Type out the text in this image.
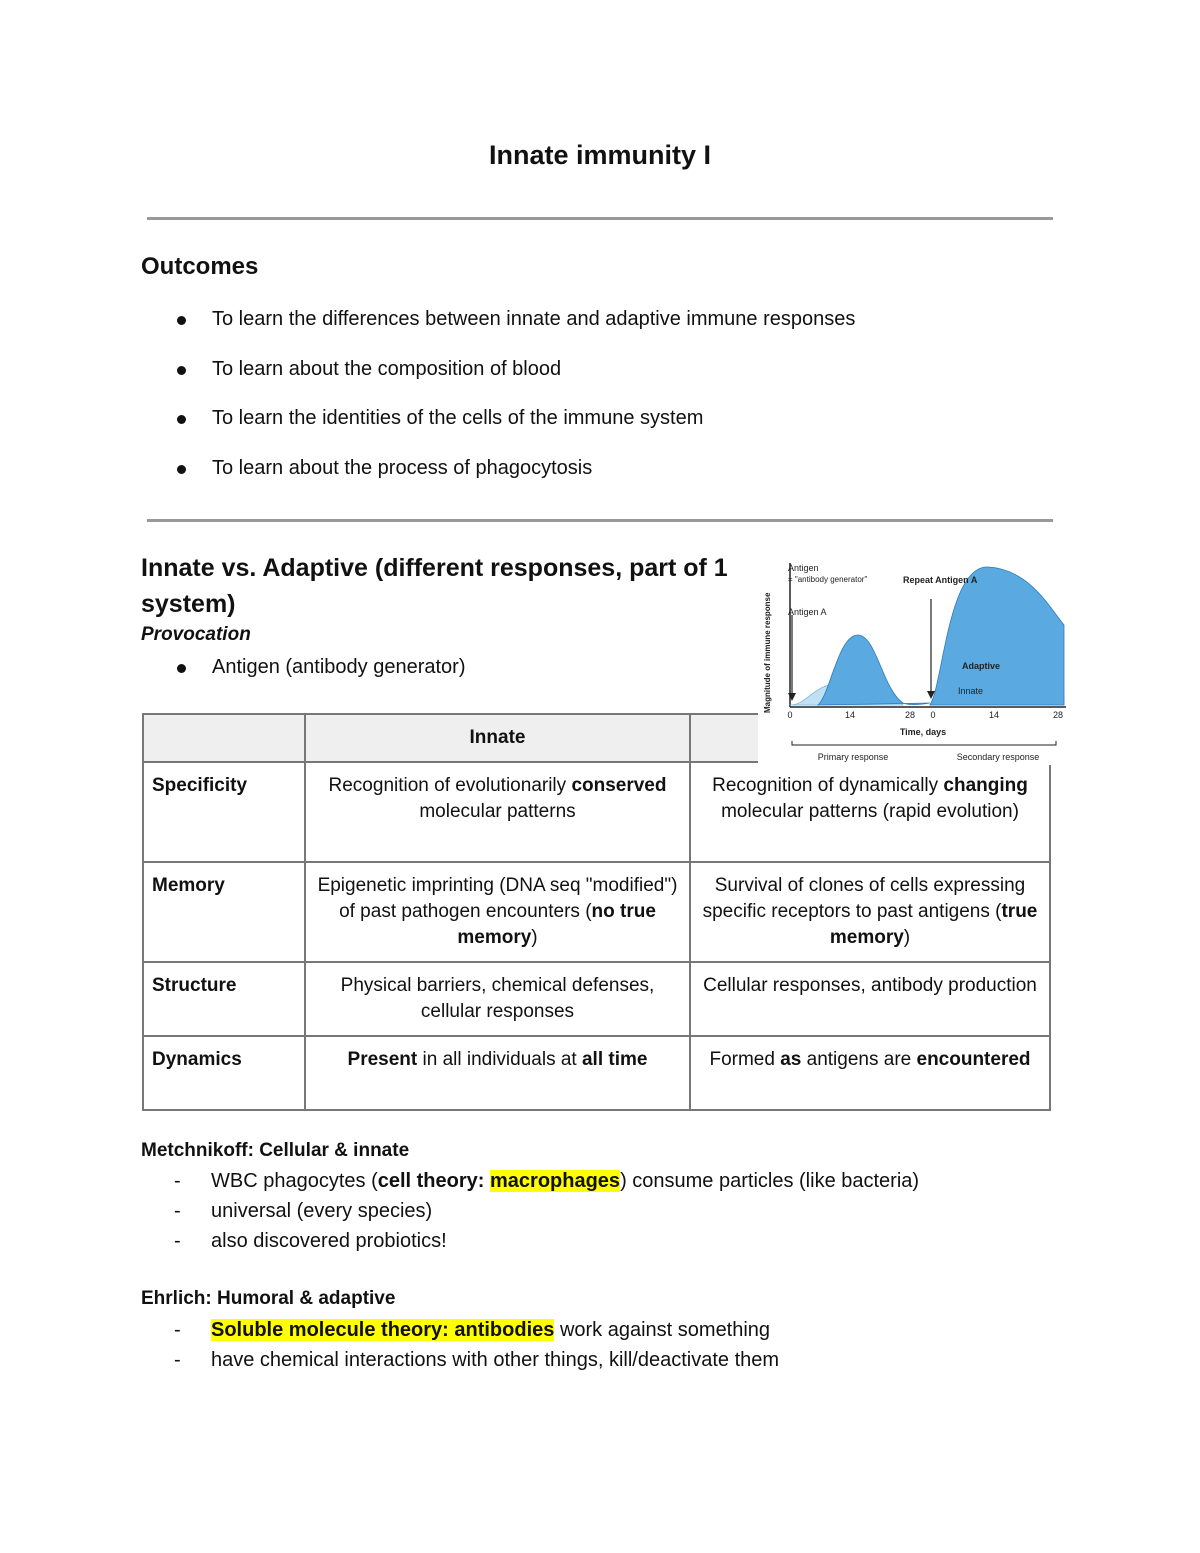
Innate immunity I
Outcomes
To learn the differences between innate and adaptive immune responses
To learn about the composition of blood
To learn the identities of the cells of the immune system
To learn about the process of phagocytosis
Innate vs. Adaptive (different responses, part of 1 system)
Provocation
Antigen (antibody generator)
	Innate	
Specificity	Recognition of evolutionarily conserved molecular patterns	Recognition of dynamically changing molecular patterns (rapid evolution)
Memory	Epigenetic imprinting (DNA seq "modified") of past pathogen encounters (no true memory)	Survival of clones of cells expressing specific receptors to past antigens (true memory)
Structure	Physical barriers, chemical defenses, cellular responses	Cellular responses, antibody production
Dynamics	Present in all individuals at all time	Formed as antigens are encountered
Antigen
= "antibody generator"
Antigen A
Repeat Antigen A
Adaptive
Innate
0	14	28 0	14	28
Time, days
Magnitude of immune response
Primary response	Secondary response
Metchnikoff: Cellular & innate
- WBC phagocytes (cell theory: macrophages) consume particles (like bacteria)
- universal (every species)
- also discovered probiotics!
Ehrlich: Humoral & adaptive
- Soluble molecule theory: antibodies work against something
- have chemical interactions with other things, kill/deactivate them
